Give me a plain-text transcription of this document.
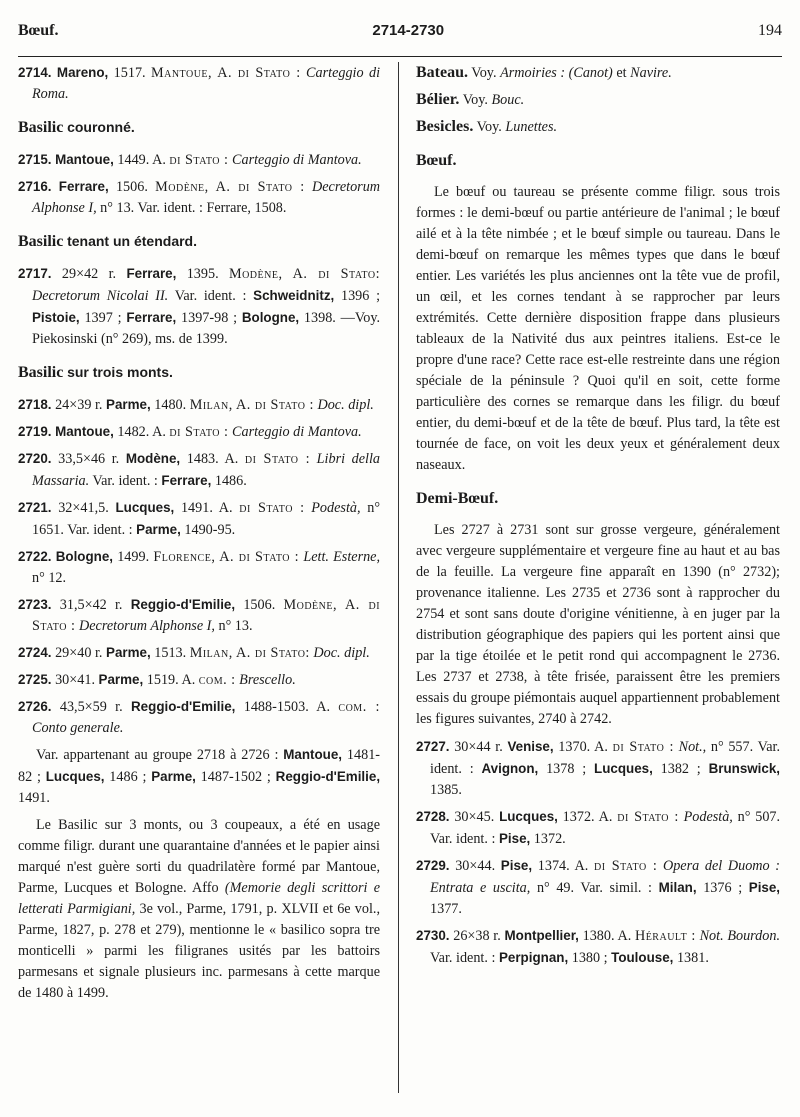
Bœuf.	2714-2730	194

2714. Mareno, 1517. Mantoue, A. di Stato : Carteggio di Roma.

Basilic couronné.

2715. Mantoue, 1449. A. di Stato : Carteggio di Mantova.

2716. Ferrare, 1506. Modène, A. di Stato : Decretorum Alphonse I, n° 13. Var. ident. : Ferrare, 1508.

Basilic tenant un étendard.

2717. 29×42 r. Ferrare, 1395. Modène, A. di Stato: Decretorum Nicolai II. Var. ident. : Schweidnitz, 1396 ; Pistoie, 1397 ; Ferrare, 1397-98 ; Bologne, 1398. —Voy. Piekosinski (n° 269), ms. de 1399.

Basilic sur trois monts.

2718. 24×39 r. Parme, 1480. Milan, A. di Stato : Doc. dipl.

2719. Mantoue, 1482. A. di Stato : Carteggio di Mantova.

2720. 33,5×46 r. Modène, 1483. A. di Stato : Libri della Massaria. Var. ident. : Ferrare, 1486.

2721. 32×41,5. Lucques, 1491. A. di Stato : Podestà, n° 1651. Var. ident. : Parme, 1490-95.

2722. Bologne, 1499. Florence, A. di Stato : Lett. Esterne, n° 12.

2723. 31,5×42 r. Reggio-d'Emilie, 1506. Modène, A. di Stato : Decretorum Alphonse I, n° 13.

2724. 29×40 r. Parme, 1513. Milan, A. di Stato: Doc. dipl.

2725. 30×41. Parme, 1519. A. com. : Brescello.

2726. 43,5×59 r. Reggio-d'Emilie, 1488-1503. A. com. : Conto generale.

Var. appartenant au groupe 2718 à 2726 : Mantoue, 1481-82 ; Lucques, 1486 ; Parme, 1487-1502 ; Reggio-d'Emilie, 1491.

Le Basilic sur 3 monts, ou 3 coupeaux, a été en usage comme filigr. durant une quarantaine d'années et le papier ainsi marqué n'est guère sorti du quadrilatère formé par Mantoue, Parme, Lucques et Bologne. Affo (Memorie degli scrittori e letterati Parmigiani, 3e vol., Parme, 1791, p. XLVII et 6e vol., Parme, 1827, p. 278 et 279), mentionne le « basilico sopra tre monticelli » parmi les filigranes usités par les battoirs parmesans et signale plusieurs inc. parmesans à cette marque de 1480 à 1499.

Bateau. Voy. Armoiries : (Canot) et Navire.

Bélier. Voy. Bouc.

Besicles. Voy. Lunettes.

Bœuf.

Le bœuf ou taureau se présente comme filigr. sous trois formes : le demi-bœuf ou partie antérieure de l'animal ; le bœuf ailé et à la tête nimbée ; et le bœuf simple ou taureau. Dans le demi-bœuf on remarque les mêmes types que dans le bœuf entier. Les variétés les plus anciennes ont la tête vue de profil, un œil, et les cornes tendant à se rapprocher par leurs extrémités. Cette dernière disposition frappe dans plusieurs tableaux de la Nativité dus aux peintres italiens. Est-ce le propre d'une race? Cette race est-elle restreinte dans une région spéciale de la péninsule ? Quoi qu'il en soit, cette forme particulière des cornes se remarque dans les filigr. du bœuf entier, du demi-bœuf et de la tête de bœuf. Plus tard, la tête est tournée de face, on voit les deux yeux et généralement deux naseaux.

Demi-Bœuf.

Les 2727 à 2731 sont sur grosse vergeure, généralement avec vergeure supplémentaire et vergeure fine au haut et au bas de la feuille. La vergeure fine apparaît en 1390 (n° 2732); provenance italienne. Les 2735 et 2736 sont à rapprocher du 2754 et sont sans doute d'origine vénitienne, à en juger par la distribution géographique des papiers qui les portent ainsi que par la tige étoilée et le petit rond qui accompagnent le 2736. Les 2737 et 2738, à tête frisée, paraissent être les premiers essais du groupe piémontais auquel appartiennent probablement les figures suivantes, 2740 à 2742.

2727. 30×44 r. Venise, 1370. A. di Stato : Not., n° 557. Var. ident. : Avignon, 1378 ; Lucques, 1382 ; Brunswick, 1385.

2728. 30×45. Lucques, 1372. A. di Stato : Podestà, n° 507. Var. ident. : Pise, 1372.

2729. 30×44. Pise, 1374. A. di Stato : Opera del Duomo : Entrata e uscita, n° 49. Var. simil. : Milan, 1376 ; Pise, 1377.

2730. 26×38 r. Montpellier, 1380. A. Hérault : Not. Bourdon. Var. ident. : Perpignan, 1380 ; Toulouse, 1381.
